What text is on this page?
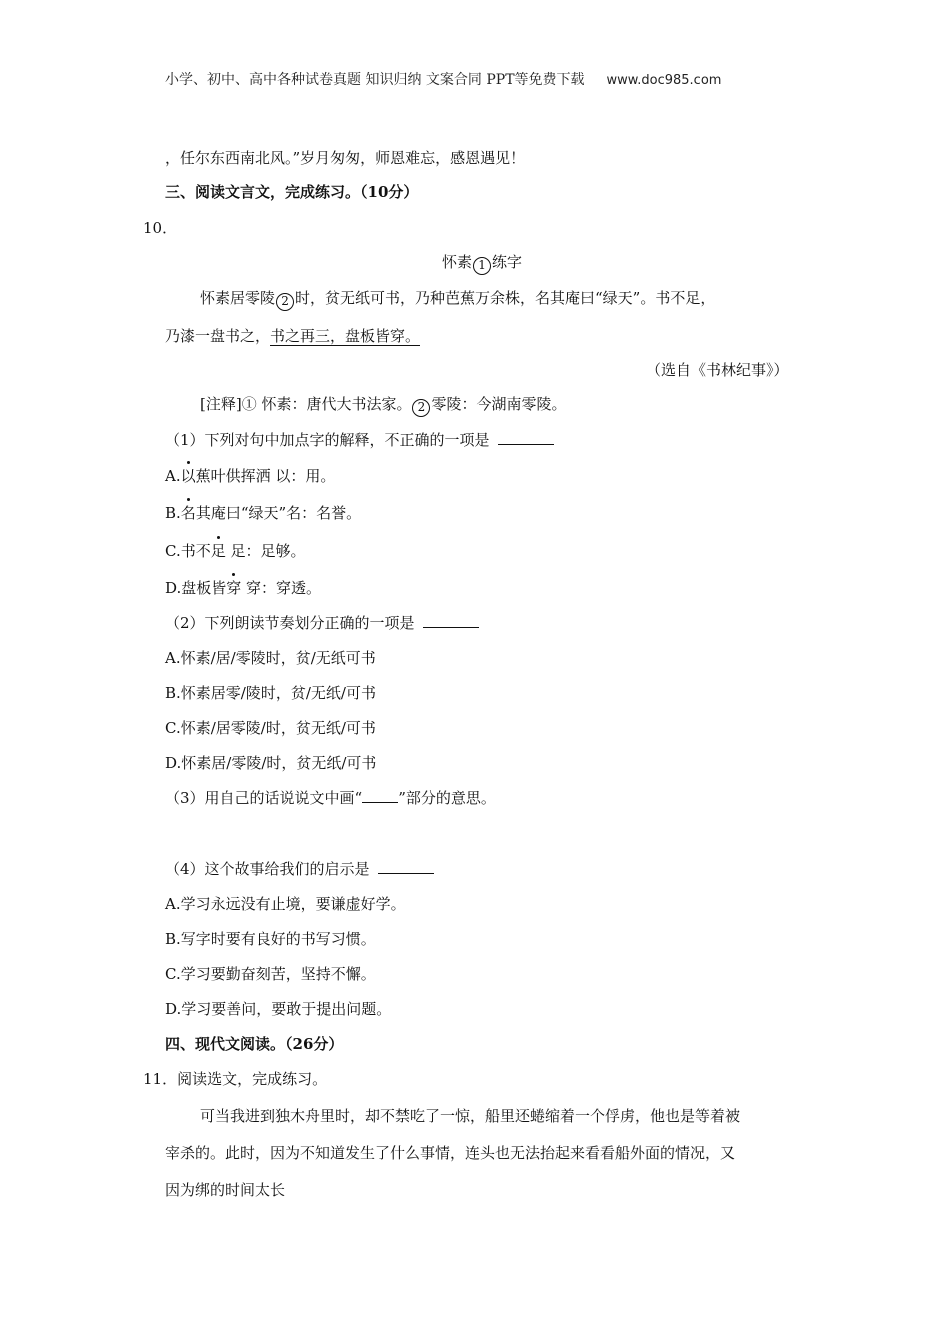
小学、初中、高中各种试卷真题 知识归纳 文案合同 PPT等免费下载 www.doc985.com
，任尔东西南北风。”岁月匆匆，师恩难忘，感恩遇见！
三、阅读文言文，完成练习。（10分）
10．
怀素 1 练字
怀素居零陵 2 时，贫无纸可书，乃种芭蕉万余株，名其庵曰“绿天”。书不足，
乃漆一盘书之，书之再三，盘板皆穿。
（选自《书林纪事》）
[注释]① 怀素：唐代大书法家。 2 零陵：今湖南零陵。
（1）下列对句中加点字的解释，不正确的一项是
A.以蕉叶供挥洒 以：用。
B.名其庵曰“绿天”名：名誉。
C.书不足 足：足够。
D.盘板皆穿 穿：穿透。
（2）下列朗读节奏划分正确的一项是
A.怀素/居/零陵时，贫/无纸可书
B.怀素居零/陵时，贫/无纸/可书
C.怀素/居零陵/时，贫无纸/可书
D.怀素居/零陵/时，贫无纸/可书
（3）用自己的话说说文中画“ ”部分的意思。
（4）这个故事给我们的启示是
A.学习永远没有止境，要谦虚好学。
B.写字时要有良好的书写习惯。
C.学习要勤奋刻苦，坚持不懈。
D.学习要善问，要敢于提出问题。
四、现代文阅读。（26分）
11．阅读选文，完成练习。
可当我进到独木舟里时，却不禁吃了一惊，船里还蜷缩着一个俘虏，他也是等着被
宰杀的。此时，因为不知道发生了什么事情，连头也无法抬起来看看船外面的情况，又
因为绑的时间太长
